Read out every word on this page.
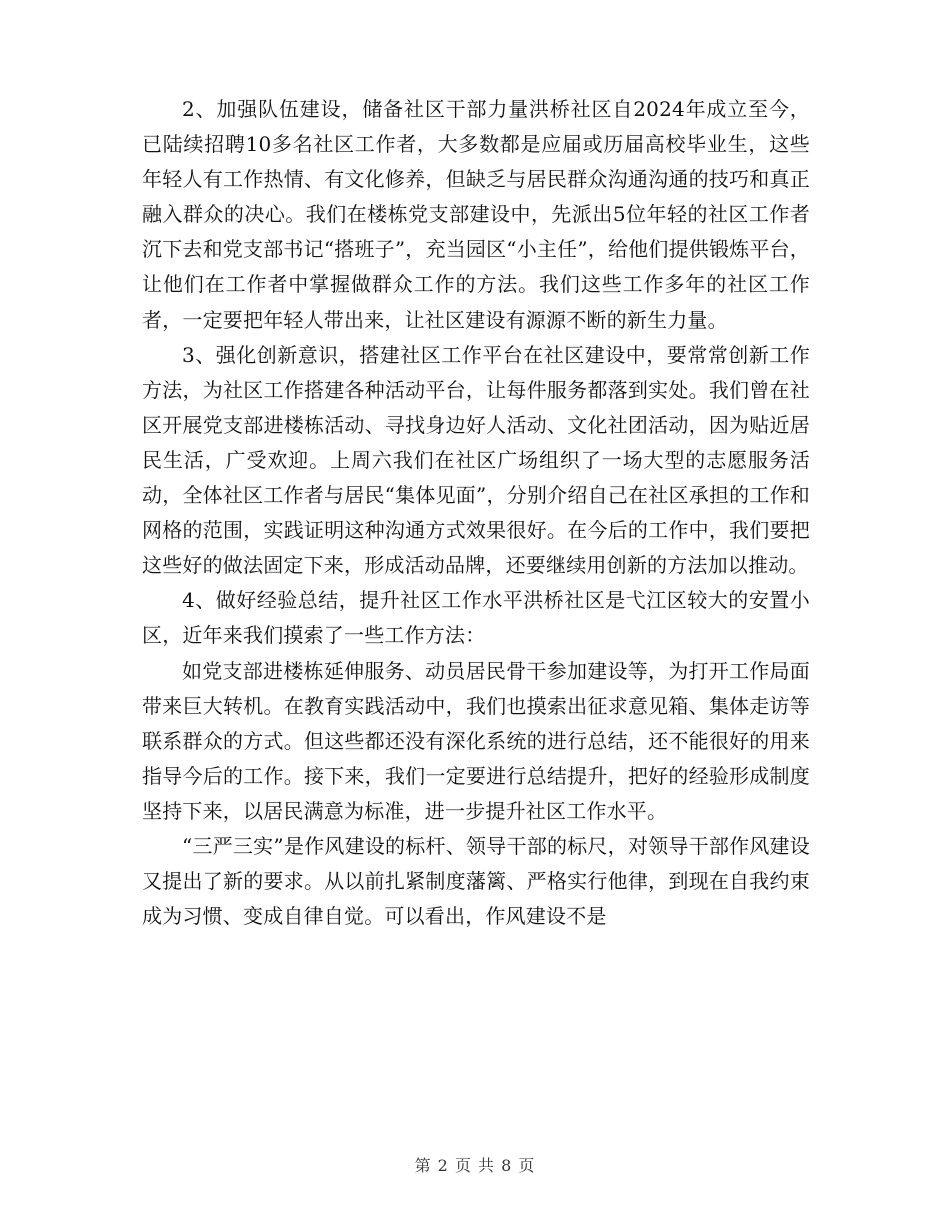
2、加强队伍建设，储备社区干部力量洪桥社区自2024年成立至今，已陆续招聘10多名社区工作者，大多数都是应届或历届高校毕业生，这些年轻人有工作热情、有文化修养，但缺乏与居民群众沟通沟通的技巧和真正融入群众的决心。我们在楼栋党支部建设中，先派出5位年轻的社区工作者沉下去和党支部书记“搭班子”，充当园区“小主任”，给他们提供锻炼平台，让他们在工作者中掌握做群众工作的方法。我们这些工作多年的社区工作者，一定要把年轻人带出来，让社区建设有源源不断的新生力量。

3、强化创新意识，搭建社区工作平台在社区建设中，要常常创新工作方法，为社区工作搭建各种活动平台，让每件服务都落到实处。我们曾在社区开展党支部进楼栋活动、寻找身边好人活动、文化社团活动，因为贴近居民生活，广受欢迎。上周六我们在社区广场组织了一场大型的志愿服务活动，全体社区工作者与居民“集体见面”，分别介绍自己在社区承担的工作和网格的范围，实践证明这种沟通方式效果很好。在今后的工作中，我们要把这些好的做法固定下来，形成活动品牌，还要继续用创新的方法加以推动。

4、做好经验总结，提升社区工作水平洪桥社区是弋江区较大的安置小区，近年来我们摸索了一些工作方法：

如党支部进楼栋延伸服务、动员居民骨干参加建设等，为打开工作局面带来巨大转机。在教育实践活动中，我们也摸索出征求意见箱、集体走访等联系群众的方式。但这些都还没有深化系统的进行总结，还不能很好的用来指导今后的工作。接下来，我们一定要进行总结提升，把好的经验形成制度坚持下来，以居民满意为标准，进一步提升社区工作水平。

“三严三实”是作风建设的标杆、领导干部的标尺，对领导干部作风建设又提出了新的要求。从以前扎紧制度藩篱、严格实行他律，到现在自我约束成为习惯、变成自律自觉。可以看出，作风建设不是

第 2 页 共 8 页
